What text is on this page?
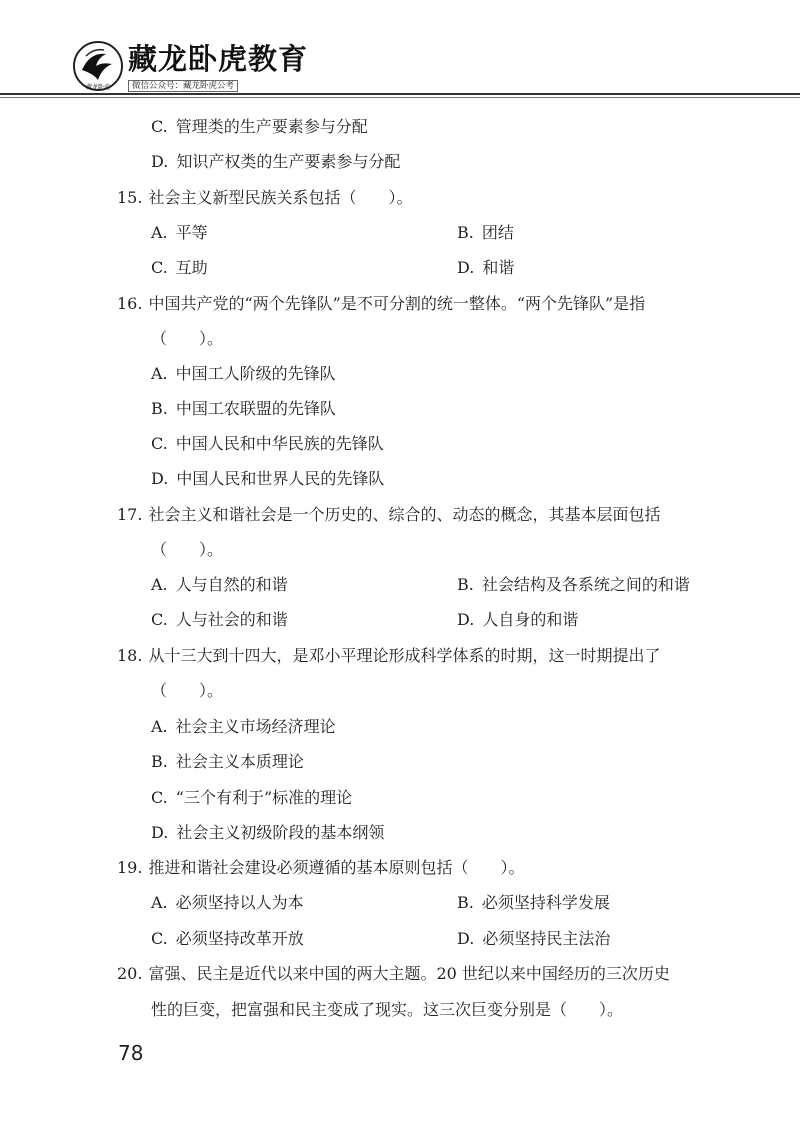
藏龙卧虎
藏龙卧虎教育
微信公众号：藏龙卧虎公考
C. 管理类的生产要素参与分配
D. 知识产权类的生产要素参与分配
15. 社会主义新型民族关系包括（　　）。
A. 平等	B. 团结
C. 互助	D. 和谐
16. 中国共产党的“两个先锋队”是不可分割的统一整体。“两个先锋队”是指
（　　）。
A. 中国工人阶级的先锋队
B. 中国工农联盟的先锋队
C. 中国人民和中华民族的先锋队
D. 中国人民和世界人民的先锋队
17. 社会主义和谐社会是一个历史的、综合的、动态的概念，其基本层面包括
（　　）。
A. 人与自然的和谐	B. 社会结构及各系统之间的和谐
C. 人与社会的和谐	D. 人自身的和谐
18. 从十三大到十四大，是邓小平理论形成科学体系的时期，这一时期提出了
（　　）。
A. 社会主义市场经济理论
B. 社会主义本质理论
C. “三个有利于”标准的理论
D. 社会主义初级阶段的基本纲领
19. 推进和谐社会建设必须遵循的基本原则包括（　　）。
A. 必须坚持以人为本	B. 必须坚持科学发展
C. 必须坚持改革开放	D. 必须坚持民主法治
20. 富强、民主是近代以来中国的两大主题。20 世纪以来中国经历的三次历史
性的巨变，把富强和民主变成了现实。这三次巨变分别是（　　）。
78
